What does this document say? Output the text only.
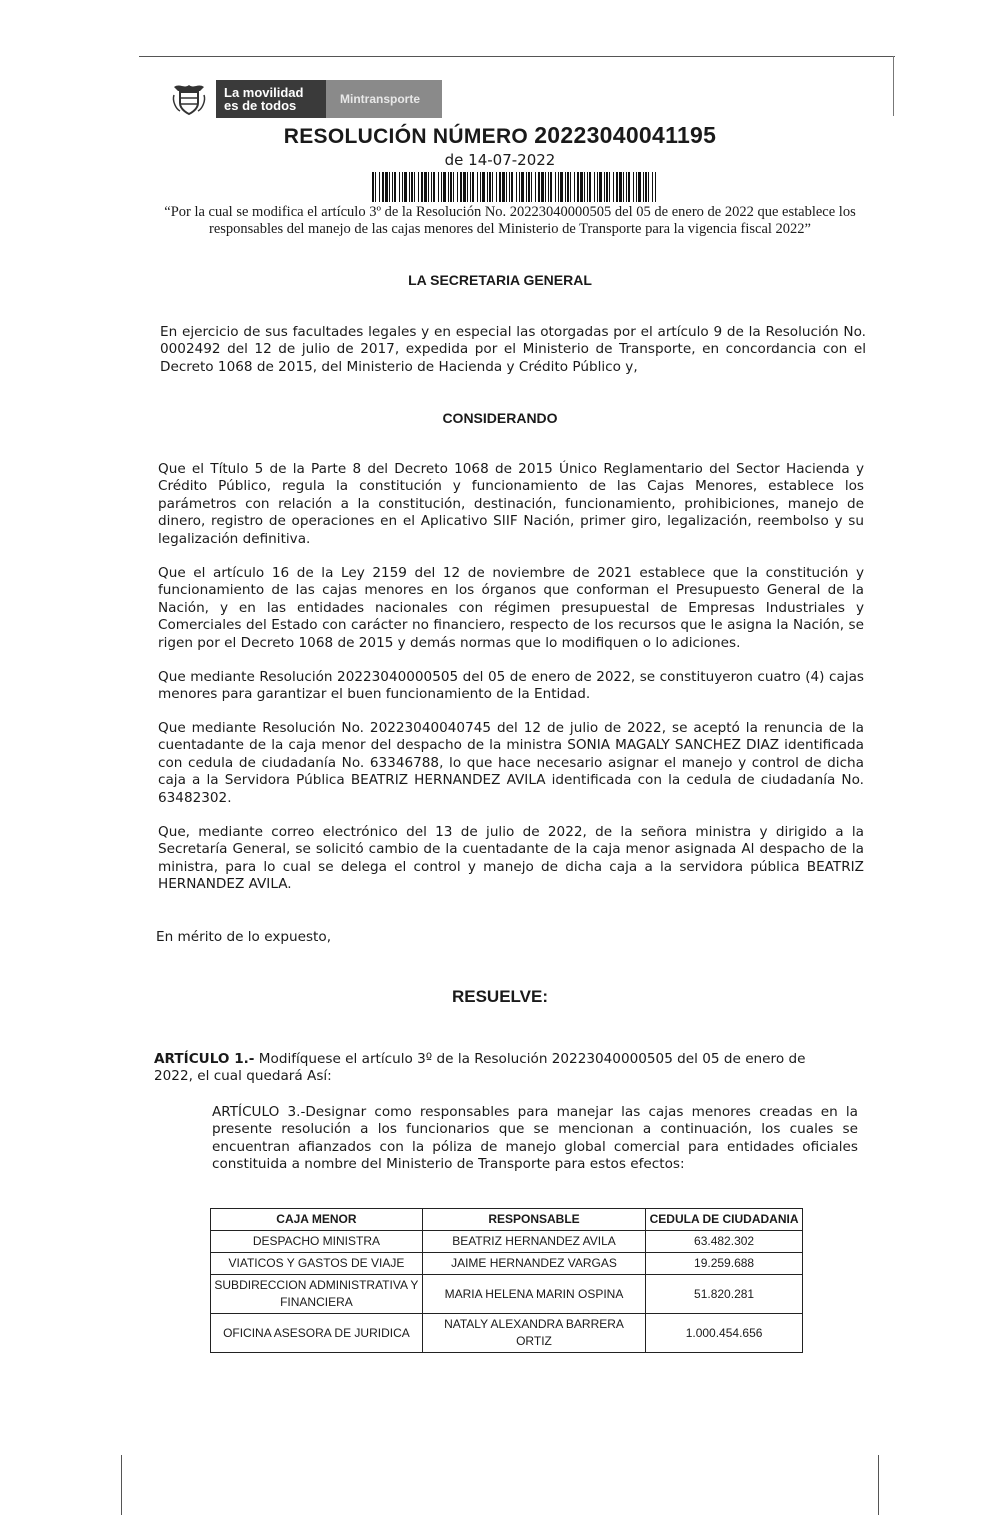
La movilidad
es de todos	Mintransporte
RESOLUCIÓN NÚMERO 20223040041195
de 14-07-2022
“Por la cual se modifica el artículo 3º de la Resolución No. 20223040000505 del 05 de enero de 2022 que establece los responsables del manejo de las cajas menores del Ministerio de Transporte para la vigencia fiscal 2022”
LA SECRETARIA GENERAL
En ejercicio de sus facultades legales y en especial las otorgadas por el artículo 9 de la Resolución No. 0002492 del 12 de julio de 2017, expedida por el Ministerio de Transporte, en concordancia con el Decreto 1068 de 2015, del Ministerio de Hacienda y Crédito Público y,
CONSIDERANDO
Que el Título 5 de la Parte 8 del Decreto 1068 de 2015 Único Reglamentario del Sector Hacienda y Crédito Público, regula la constitución y funcionamiento de las Cajas Menores, establece los parámetros con relación a la constitución, destinación, funcionamiento, prohibiciones, manejo de dinero, registro de operaciones en el Aplicativo SIIF Nación, primer giro, legalización, reembolso y su legalización definitiva.
Que el artículo 16 de la Ley 2159 del 12 de noviembre de 2021 establece que la constitución y funcionamiento de las cajas menores en los órganos que conforman el Presupuesto General de la Nación, y en las entidades nacionales con régimen presupuestal de Empresas Industriales y Comerciales del Estado con carácter no financiero, respecto de los recursos que le asigna la Nación, se rigen por el Decreto 1068 de 2015 y demás normas que lo modifiquen o lo adiciones.
Que mediante Resolución 20223040000505 del 05 de enero de 2022, se constituyeron cuatro (4) cajas menores para garantizar el buen funcionamiento de la Entidad.
Que mediante Resolución No. 20223040040745 del 12 de julio de 2022, se aceptó la renuncia de la cuentadante de la caja menor del despacho de la ministra SONIA MAGALY SANCHEZ DIAZ identificada con cedula de ciudadanía No. 63346788, lo que hace necesario asignar el manejo y control de dicha caja a la Servidora Pública BEATRIZ HERNANDEZ AVILA identificada con la cedula de ciudadanía No. 63482302.
Que, mediante correo electrónico del 13 de julio de 2022, de la señora ministra y dirigido a la Secretaría General, se solicitó cambio de la cuentadante de la caja menor asignada Al despacho de la ministra, para lo cual se delega el control y manejo de dicha caja a la servidora pública BEATRIZ HERNANDEZ AVILA.
En mérito de lo expuesto,
RESUELVE:
ARTÍCULO 1.- Modifíquese el artículo 3º de la Resolución 20223040000505 del 05 de enero de 2022, el cual quedará Así:
ARTÍCULO 3.-Designar como responsables para manejar las cajas menores creadas en la presente resolución a los funcionarios que se mencionan a continuación, los cuales se encuentran afianzados con la póliza de manejo global comercial para entidades oficiales constituida a nombre del Ministerio de Transporte para estos efectos:
CAJA MENOR	RESPONSABLE	CEDULA DE CIUDADANIA
DESPACHO MINISTRA	BEATRIZ HERNANDEZ AVILA	63.482.302
VIATICOS Y GASTOS DE VIAJE	JAIME HERNANDEZ VARGAS	19.259.688
SUBDIRECCION ADMINISTRATIVA Y FINANCIERA	MARIA HELENA MARIN OSPINA	51.820.281
OFICINA ASESORA DE JURIDICA	NATALY ALEXANDRA BARRERA ORTIZ	1.000.454.656
